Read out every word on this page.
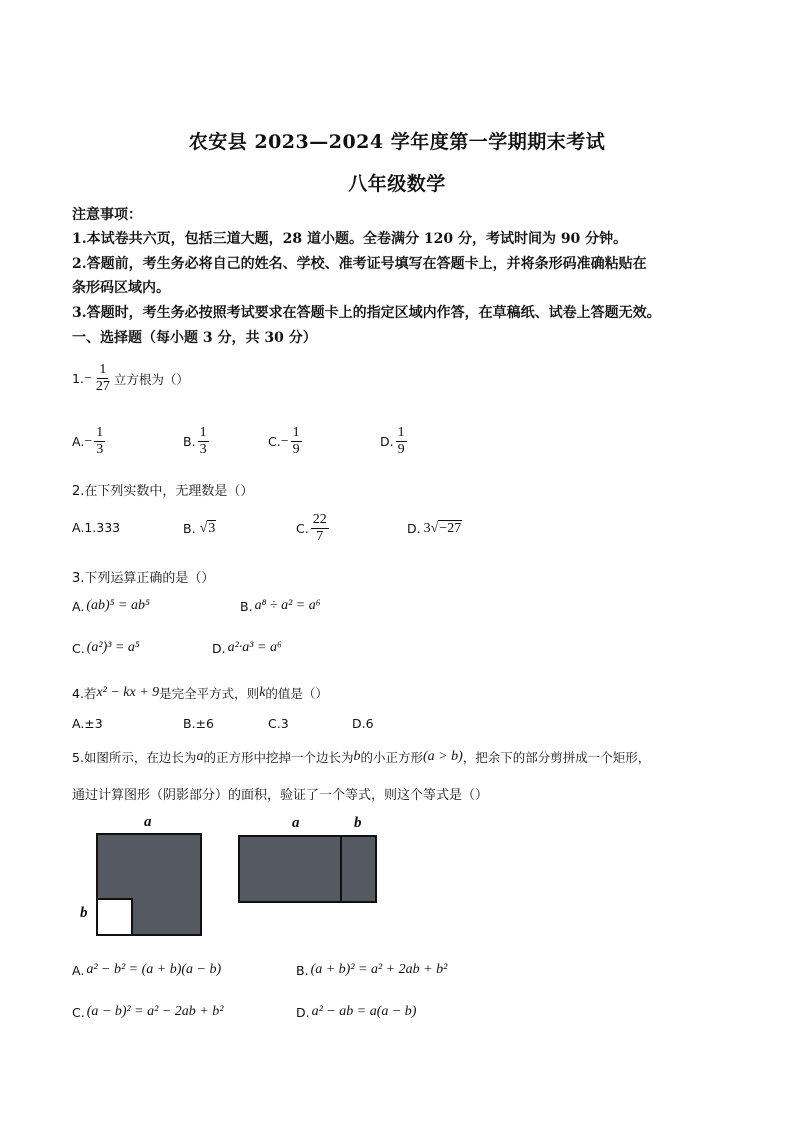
农安县 2023—2024 学年度第一学期期末考试
八年级数学
注意事项：
1.本试卷共六页，包括三道大题，28 道小题。全卷满分 120 分，考试时间为 90 分钟。
2.答题前，考生务必将自己的姓名、学校、准考证号填写在答题卡上，并将条形码准确粘贴在
条形码区域内。
3.答题时，考生务必按照考试要求在答题卡上的指定区域内作答，在草稿纸、试卷上答题无效。
一、选择题（每小题 3 分，共 30 分）
1. − $\frac{1}{27}$ 立方根为（）
A. − $\frac{1}{3}$	B. $\frac{1}{3}$	C. − $\frac{1}{9}$	D. $\frac{1}{9}$
2.在下列实数中，无理数是（）
A. 1.333	B. √ 3	C. $\frac{22}{7}$	D. 3 √ −27
3.下列运算正确的是（）
A. (ab)⁵ = ab⁵	B. a⁸ ÷ a² = a⁶
C. (a²)³ = a⁵	D. a²·a³ = a⁶
4.若 x² − kx + 9 是完全平方式，则 k 的值是（）
A.±3	B.±6	C.3	D.6
5.如图所示，在边长为 a 的正方形中挖掉一个边长为 b 的小正方形 (a > b) ，把余下的部分剪拼成一个矩形，
通过计算图形（阴影部分）的面积，验证了一个等式，则这个等式是（）
a
b
a	b
A. a² − b² = (a + b)(a − b)	B. (a + b)² = a² + 2ab + b²
C. (a − b)² = a² − 2ab + b²	D. a² − ab = a(a − b)
